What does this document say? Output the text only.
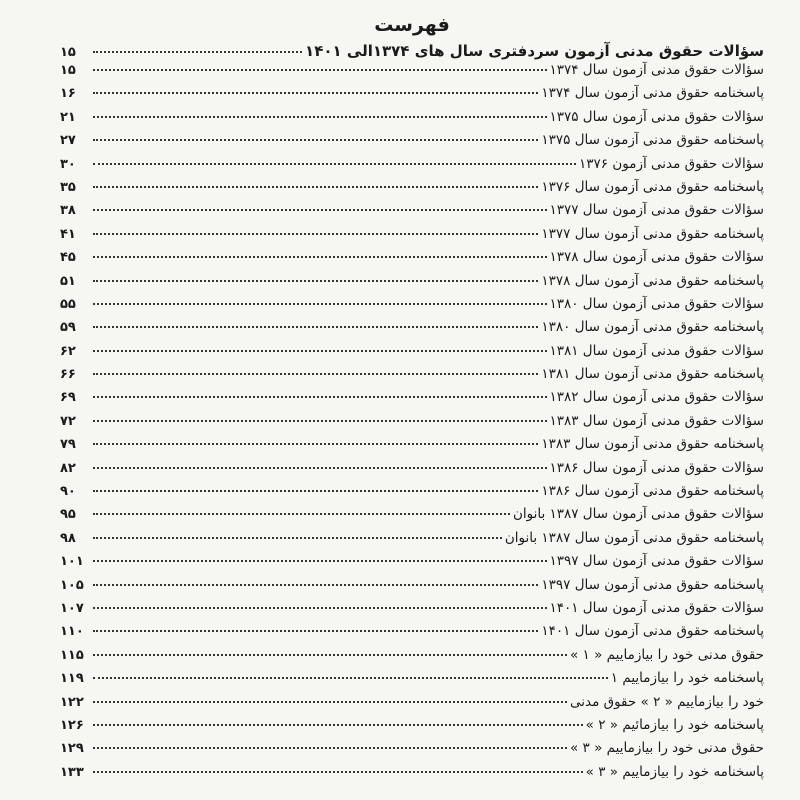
فهرست
سؤالات حقوق مدنی آزمون سردفتری سال های ۱۳۷۴الی ۱۴۰۱
۱۵
سؤالات حقوق مدنی آزمون سال ۱۳۷۴
۱۵
پاسخنامه حقوق مدنی آزمون سال ۱۳۷۴
۱۶
سؤالات حقوق مدنی آزمون سال ۱۳۷۵
۲۱
پاسخنامه حقوق مدنی آزمون سال ۱۳۷۵
۲۷
سؤالات حقوق مدنی آزمون ۱۳۷۶
۳۰
پاسخنامه حقوق مدنی آزمون سال ۱۳۷۶
۳۵
سؤالات حقوق مدنی آزمون سال ۱۳۷۷
۳۸
پاسخنامه حقوق مدنی آزمون سال ۱۳۷۷
۴۱
سؤالات حقوق مدنی آزمون سال ۱۳۷۸
۴۵
پاسخنامه حقوق مدنی آزمون سال ۱۳۷۸
۵۱
سؤالات حقوق مدنی آزمون سال ۱۳۸۰
۵۵
پاسخنامه حقوق مدنی آزمون سال ۱۳۸۰
۵۹
سؤالات حقوق مدنی آزمون سال ۱۳۸۱
۶۲
پاسخنامه حقوق مدنی آزمون سال ۱۳۸۱
۶۶
سؤالات حقوق مدنی آزمون سال ۱۳۸۲
۶۹
سؤالات حقوق مدنی آزمون سال ۱۳۸۳
۷۲
پاسخنامه حقوق مدنی آزمون سال ۱۳۸۳
۷۹
سؤالات حقوق مدنی آزمون سال ۱۳۸۶
۸۲
پاسخنامه حقوق مدنی آزمون سال ۱۳۸۶
۹۰
سؤالات حقوق مدنی آزمون سال ۱۳۸۷ بانوان
۹۵
پاسخنامه حقوق مدنی آزمون سال ۱۳۸۷ بانوان
۹۸
سؤالات حقوق مدنی آزمون سال ۱۳۹۷
۱۰۱
پاسخنامه حقوق مدنی آزمون سال ۱۳۹۷
۱۰۵
سؤالات حقوق مدنی آزمون سال ۱۴۰۱
۱۰۷
پاسخنامه حقوق مدنی آزمون سال ۱۴۰۱
۱۱۰
حقوق مدنی خود را بیازماییم « ۱ »
۱۱۵
پاسخنامه خود را بیازماییم ۱
۱۱۹
خود را بیازماییم « ۲ » حقوق مدنی
۱۲۲
پاسخنامه خود را بیازمائیم « ۲ »
۱۲۶
حقوق مدنی خود را بیازماییم « ۳ »
۱۲۹
پاسخنامه خود را بیازماییم « ۳ »
۱۳۳
